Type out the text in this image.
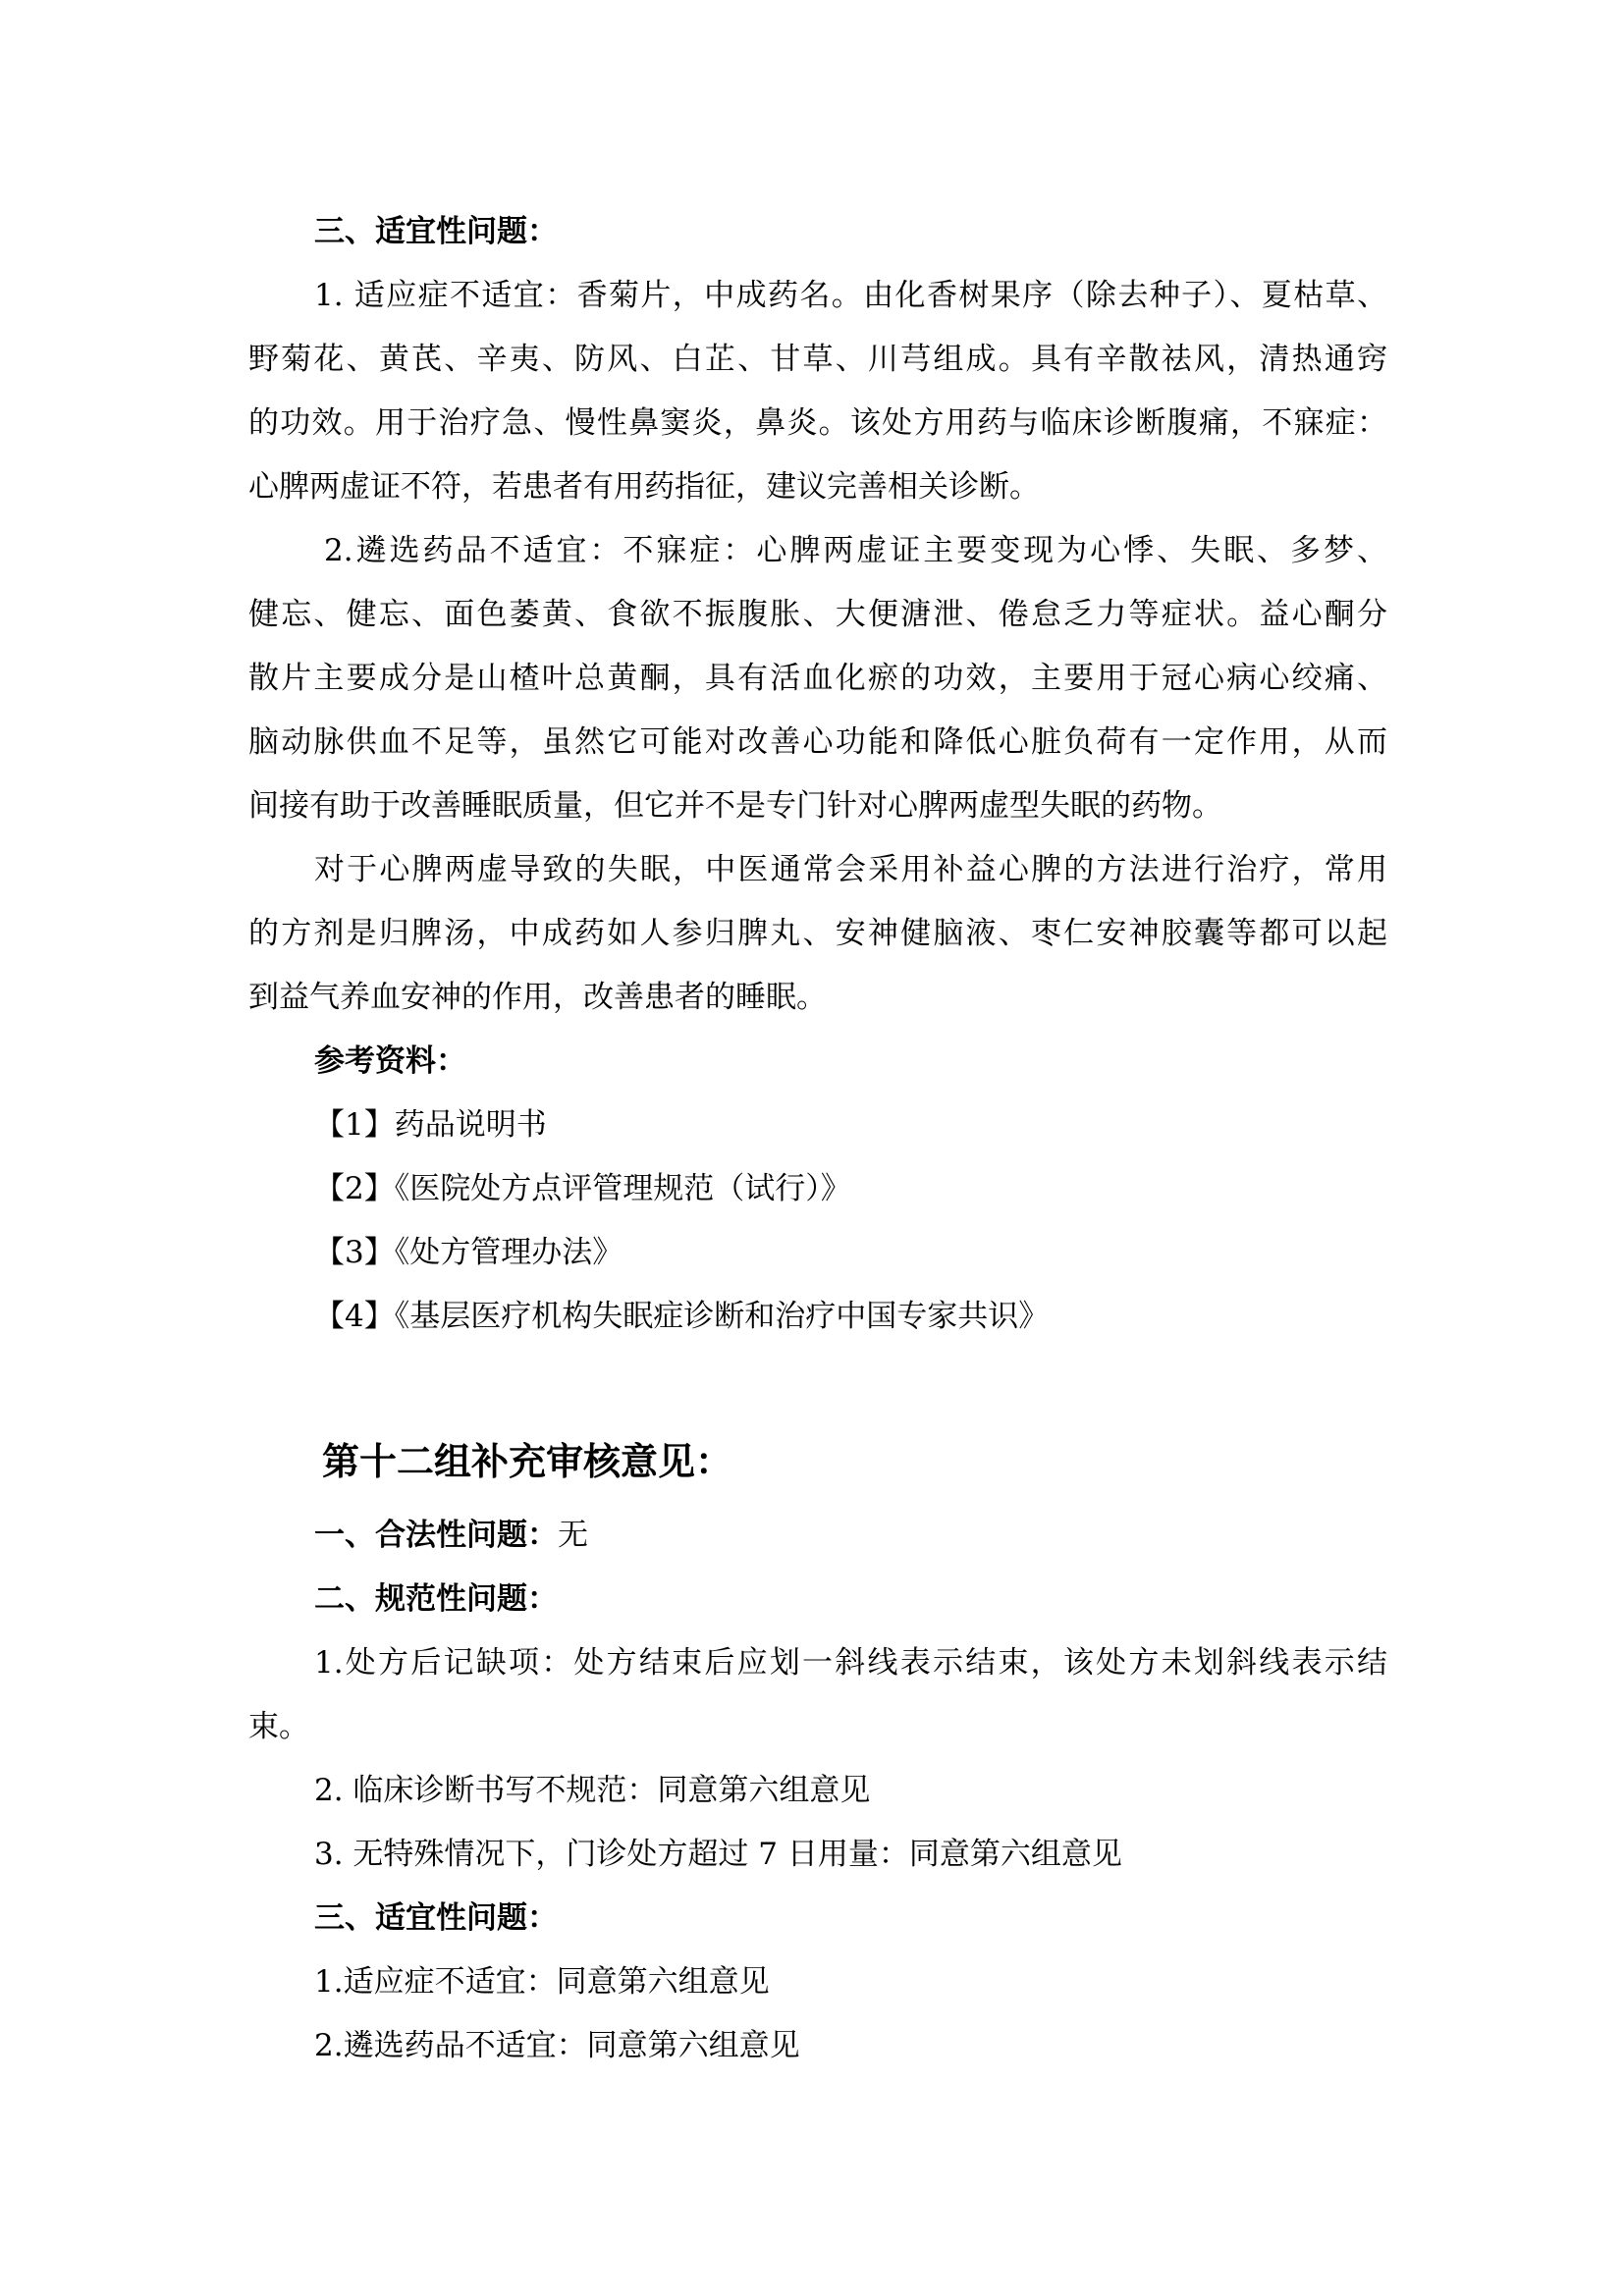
三、适宜性问题：
1. 适应症不适宜：香菊片，中成药名。由化香树果序（除去种子）、夏枯草、
野菊花、黄芪、辛夷、防风、白芷、甘草、川芎组成。具有辛散祛风，清热通窍
的功效。用于治疗急、慢性鼻窦炎，鼻炎。该处方用药与临床诊断腹痛，不寐症：
心脾两虚证不符，若患者有用药指征，建议完善相关诊断。
2.遴选药品不适宜：不寐症：心脾两虚证主要变现为心悸、失眠、多梦、
健忘、健忘、面色萎黄、食欲不振腹胀、大便溏泄、倦怠乏力等症状。益心酮分
散片主要成分是山楂叶总黄酮，具有活血化瘀的功效，主要用于冠心病心绞痛、
脑动脉供血不足等，虽然它可能对改善心功能和降低心脏负荷有一定作用，从而
间接有助于改善睡眠质量，但它并不是专门针对心脾两虚型失眠的药物。
对于心脾两虚导致的失眠，中医通常会采用补益心脾的方法进行治疗，常用
的方剂是归脾汤，中成药如人参归脾丸、安神健脑液、枣仁安神胶囊等都可以起
到益气养血安神的作用，改善患者的睡眠。
参考资料：
【1】药品说明书
【2】《医院处方点评管理规范（试行）》
【3】《处方管理办法》
【4】《基层医疗机构失眠症诊断和治疗中国专家共识》
第十二组补充审核意见：
一、合法性问题：无
二、规范性问题：
1.处方后记缺项：处方结束后应划一斜线表示结束，该处方未划斜线表示结
束。
2. 临床诊断书写不规范：同意第六组意见
3. 无特殊情况下，门诊处方超过 7 日用量：同意第六组意见
三、适宜性问题：
1.适应症不适宜：同意第六组意见
2.遴选药品不适宜：同意第六组意见
